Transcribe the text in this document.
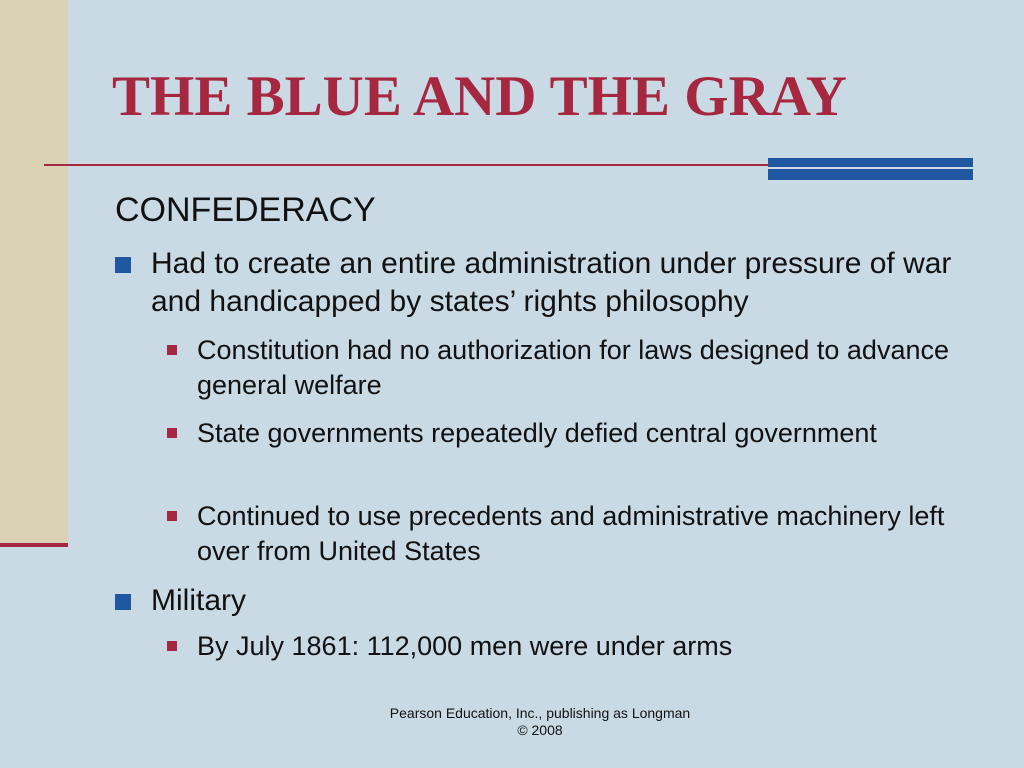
THE BLUE AND THE GRAY
CONFEDERACY
Had to create an entire administration under pressure of war and handicapped by states’ rights philosophy
Constitution had no authorization for laws designed to advance general welfare
State governments repeatedly defied central government
Continued to use precedents and administrative machinery left over from United States
Military
By July 1861: 112,000 men were under arms
Pearson Education, Inc., publishing as Longman
© 2008
